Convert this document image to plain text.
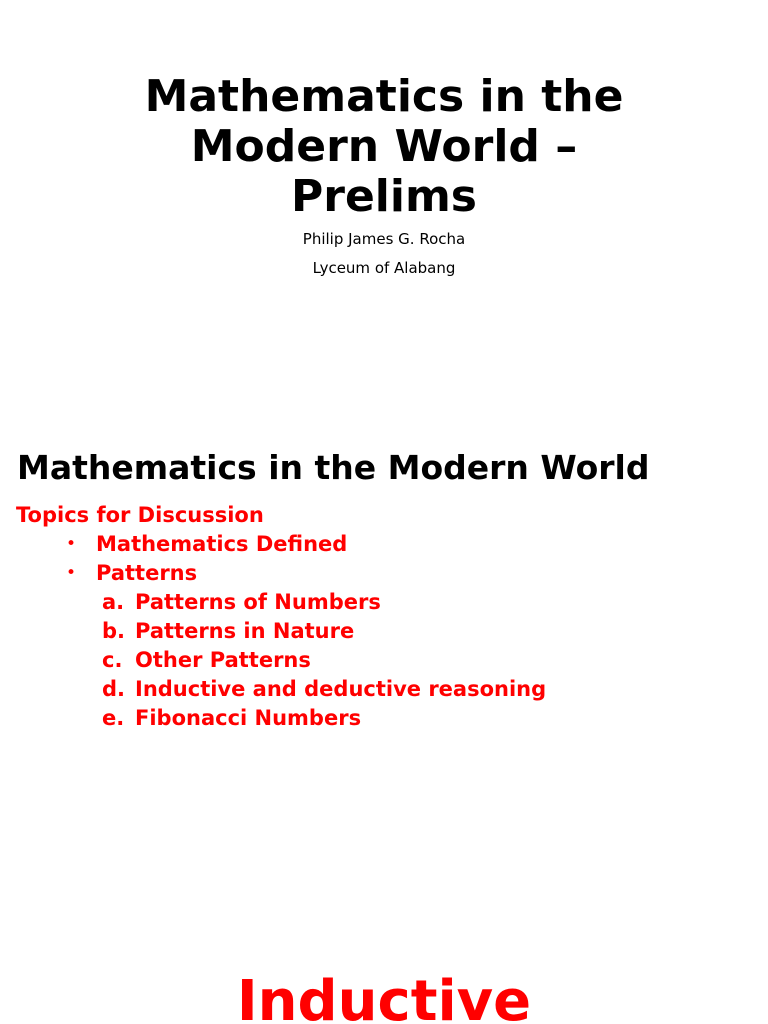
Mathematics in the
Modern World –
Prelims
Philip James G. Rocha
Lyceum of Alabang
Mathematics in the Modern World
Topics for Discussion
• Mathematics Defined
• Patterns
a. Patterns of Numbers
b. Patterns in Nature
c. Other Patterns
d. Inductive and deductive reasoning
e. Fibonacci Numbers
Inductive
